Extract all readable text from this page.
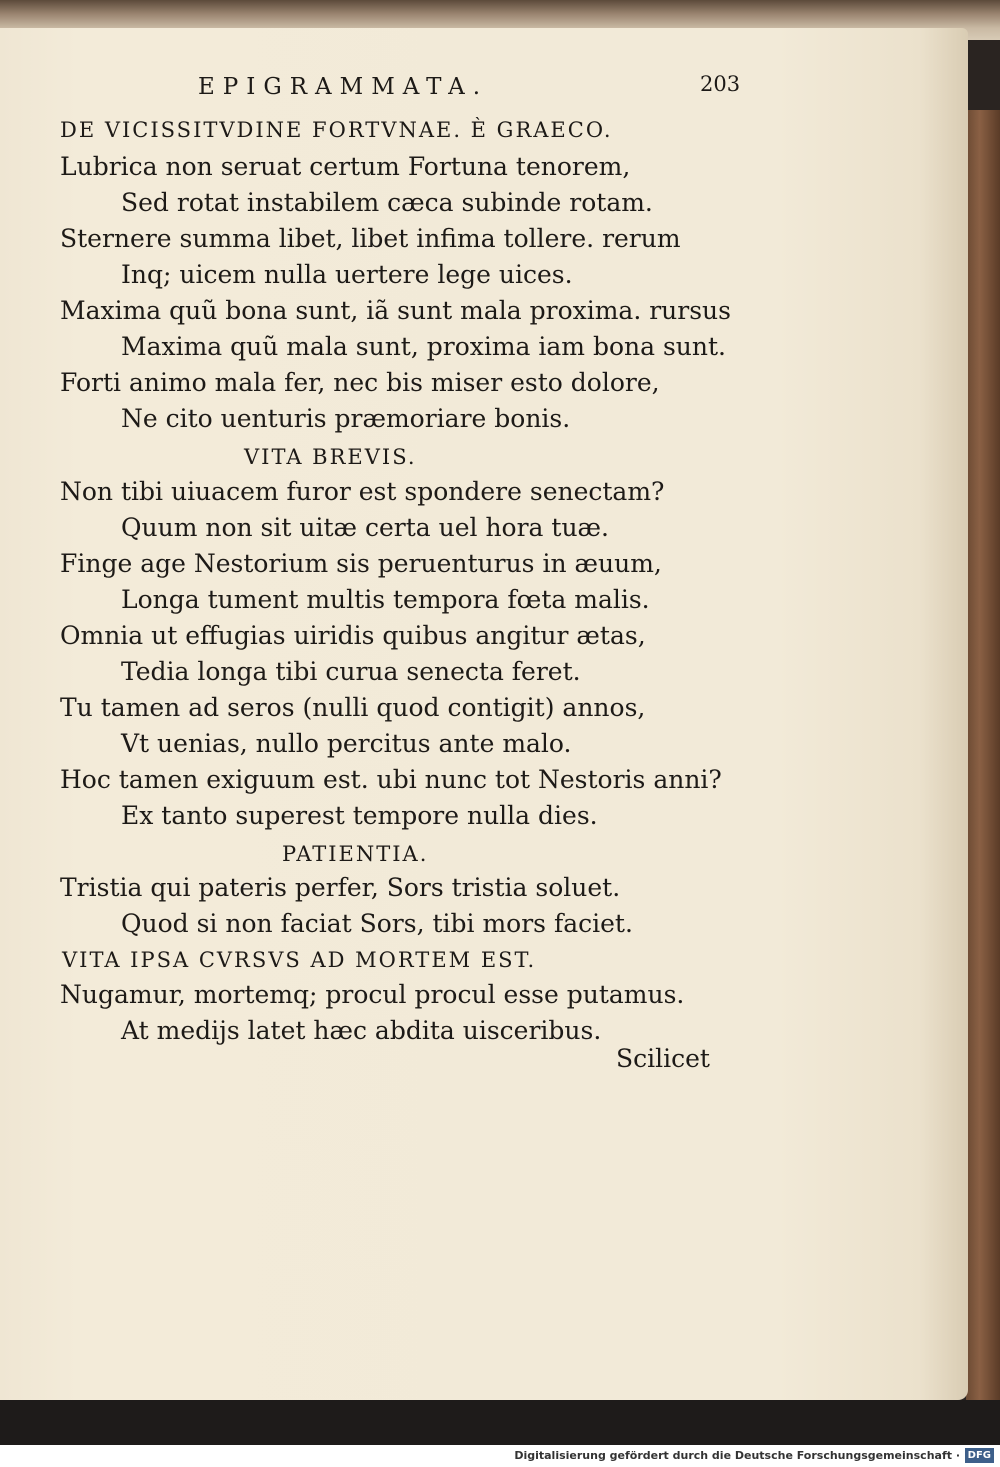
EPIGRAMMATA.	203
DE VICISSITVDINE FORTVNAE. È GRAECO.
Lubrica non seruat certum Fortuna tenorem,
Sed rotat instabilem cæca subinde rotam.
Sternere summa libet, libet infima tollere. rerum
Inq; uicem nulla uertere lege uices.
Maxima quũ bona sunt, iã sunt mala proxima. rursus
Maxima quũ mala sunt, proxima iam bona sunt.
Forti animo mala fer, nec bis miser esto dolore,
Ne cito uenturis præmoriare bonis.
VITA BREVIS.
Non tibi uiuacem furor est spondere senectam?
Quum non sit uitæ certa uel hora tuæ.
Finge age Nestorium sis peruenturus in æuum,
Longa tument multis tempora fœta malis.
Omnia ut effugias uiridis quibus angitur ætas,
Tedia longa tibi curua senecta feret.
Tu tamen ad seros (nulli quod contigit) annos,
Vt uenias, nullo percitus ante malo.
Hoc tamen exiguum est. ubi nunc tot Nestoris anni?
Ex tanto superest tempore nulla dies.
PATIENTIA.
Tristia qui pateris perfer, Sors tristia soluet.
Quod si non faciat Sors, tibi mors faciet.
VITA IPSA CVRSVS AD MORTEM EST.
Nugamur, mortemq; procul procul esse putamus.
At medijs latet hæc abdita uisceribus.
Scilicet
Digitalisierung gefördert durch die Deutsche Forschungsgemeinschaft · DFG
